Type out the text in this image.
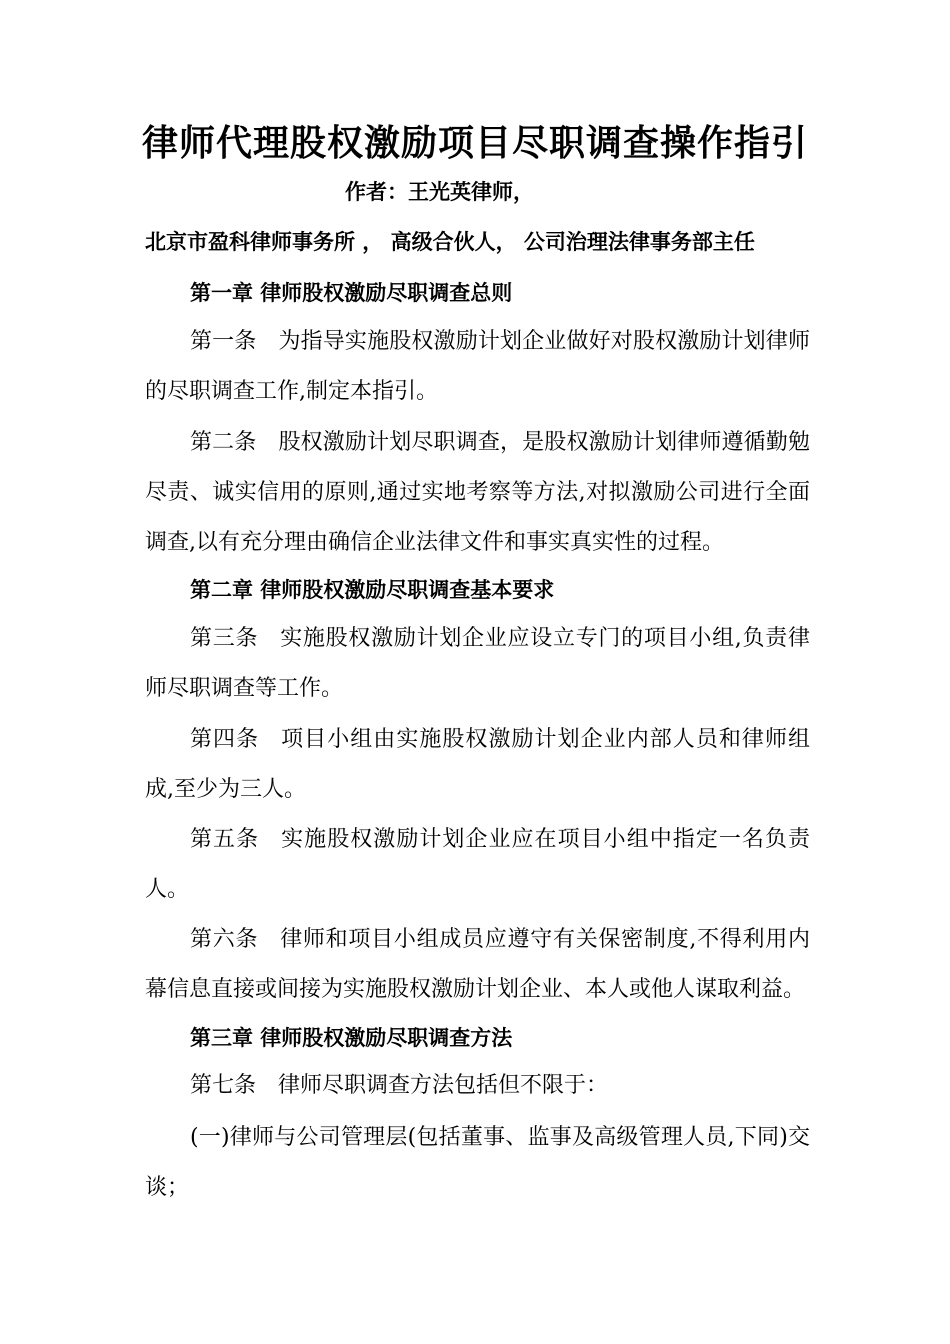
律师代理股权激励项目尽职调查操作指引
作者：王光英律师，
北京市盈科律师事务所 ， 高级合伙人， 公司治理法律事务部主任
第一章 律师股权激励尽职调查总则
第一条 为指导实施股权激励计划企业做好对股权激励计划律师的尽职调查工作,制定本指引。
第二条 股权激励计划尽职调查，是股权激励计划律师遵循勤勉尽责、诚实信用的原则,通过实地考察等方法,对拟激励公司进行全面调查,以有充分理由确信企业法律文件和事实真实性的过程。
第二章 律师股权激励尽职调查基本要求
第三条 实施股权激励计划企业应设立专门的项目小组,负责律师尽职调查等工作。
第四条 项目小组由实施股权激励计划企业内部人员和律师组成,至少为三人。
第五条 实施股权激励计划企业应在项目小组中指定一名负责人。
第六条 律师和项目小组成员应遵守有关保密制度,不得利用内幕信息直接或间接为实施股权激励计划企业、本人或他人谋取利益。
第三章 律师股权激励尽职调查方法
第七条 律师尽职调查方法包括但不限于：
(一)律师与公司管理层(包括董事、监事及高级管理人员,下同)交谈；
